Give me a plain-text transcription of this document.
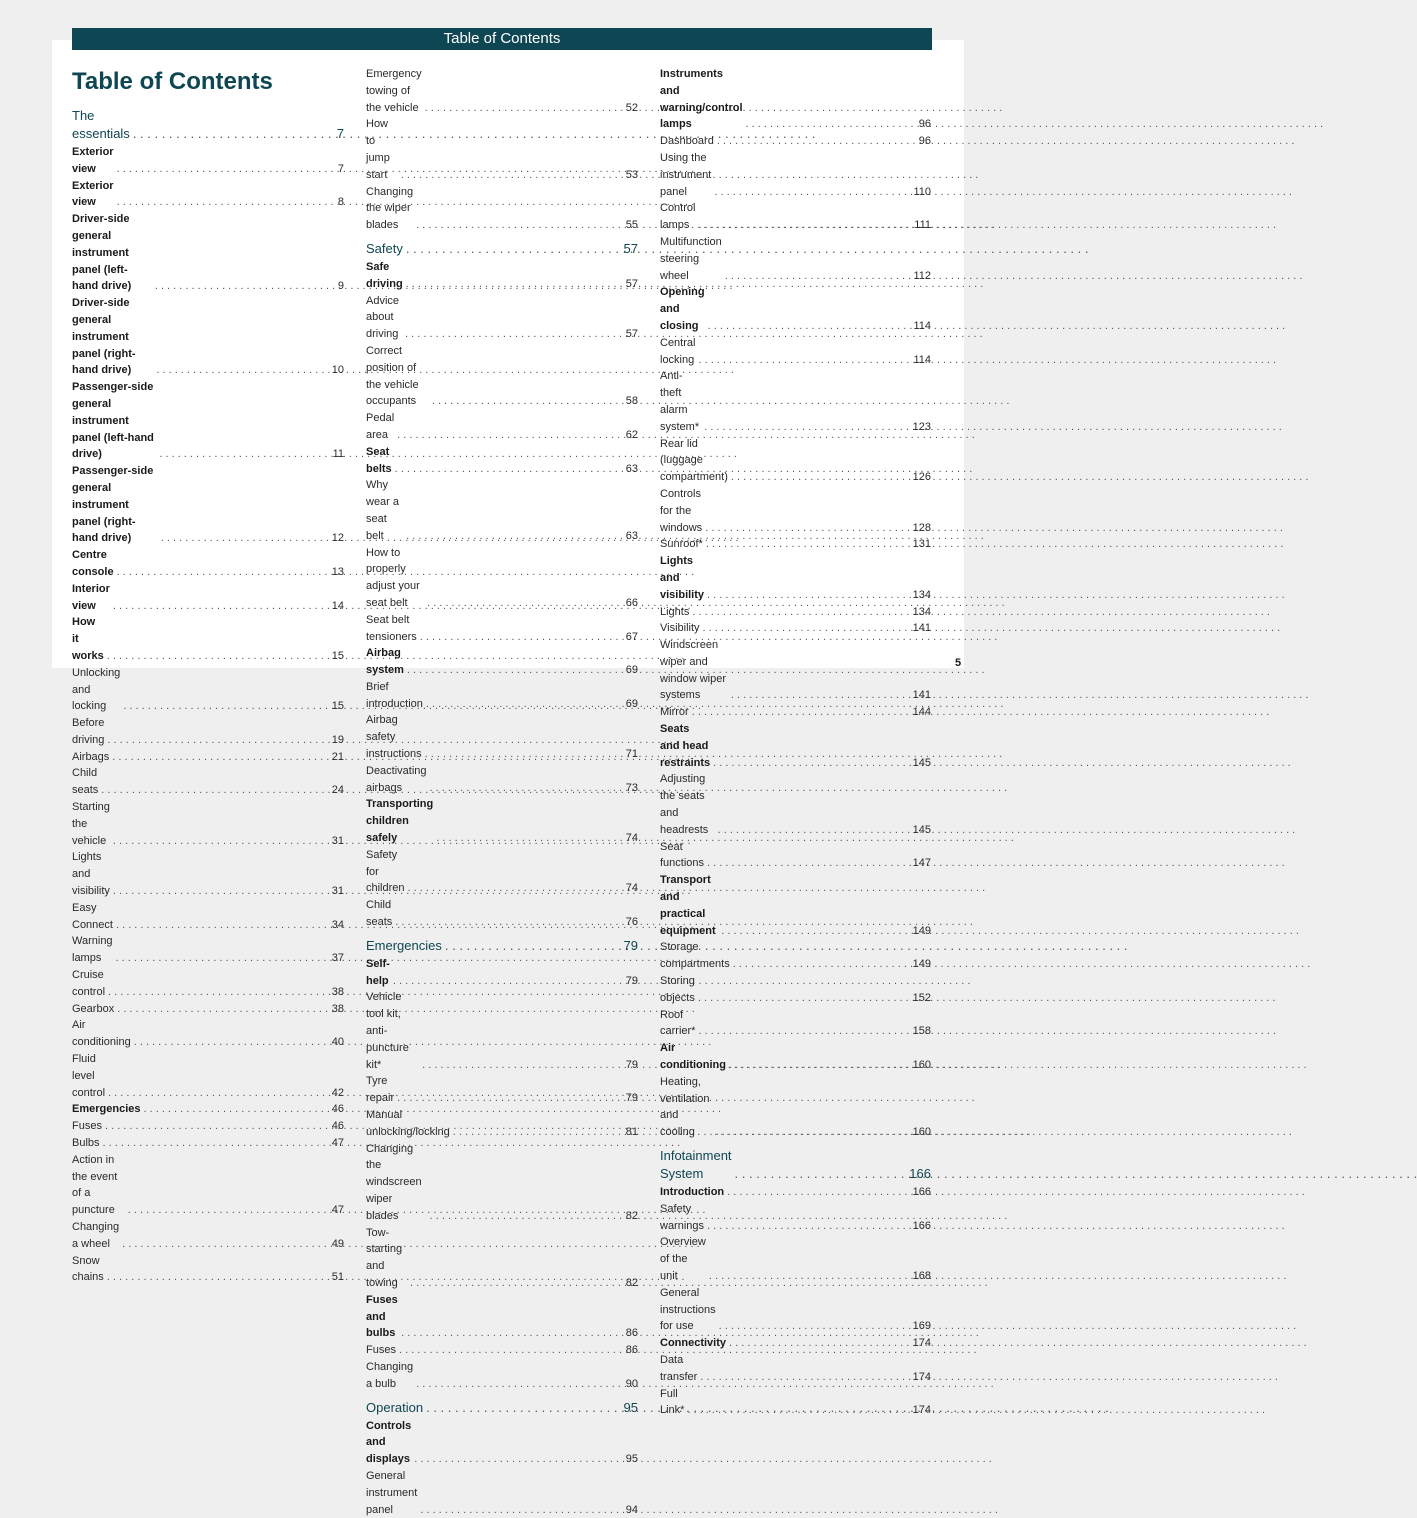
Table of Contents
Table of Contents
The essentials . . .	7
Exterior view . . .	7
Exterior view . . .	8
Driver-side general instrument panel (left-hand drive) . . .	9
Driver-side general instrument panel (right-hand drive) . . .	10
Passenger-side general instrument panel (left-hand drive) . . .	11
Passenger-side general instrument panel (right-hand drive) . . .	12
Centre console . . .	13
Interior view . . .	14
How it works . . .	15
Unlocking and locking . . .	15
Before driving . . .	19
Airbags . . .	21
Child seats . . .	24
Starting the vehicle . . .	31
Lights and visibility . . .	31
Easy Connect . . .	34
Warning lamps . . .	37
Cruise control . . .	38
Gearbox . . .	38
Air conditioning . . .	40
Fluid level control . . .	42
Emergencies . . .	46
Fuses . . .	46
Bulbs . . .	47
Action in the event of a puncture . . .	47
Changing a wheel . . .	49
Snow chains . . .	51
Emergency towing of the vehicle . . .	52
How to jump start . . .	53
Changing the wiper blades . . .	55
Safety . . .	57
Safe driving . . .	57
Advice about driving . . .	57
Correct position of the vehicle occupants . . .	58
Pedal area . . .	62
Seat belts . . .	63
Why wear a seat belt . . .	63
How to properly adjust your seat belt . . .	66
Seat belt tensioners . . .	67
Airbag system . . .	69
Brief introduction . . .	69
Airbag safety instructions . . .	71
Deactivating airbags . . .	73
Transporting children safely . . .	74
Safety for children . . .	74
Child seats . . .	76
Emergencies . . .	79
Self-help . . .	79
Vehicle tool kit, anti-puncture kit* . . .	79
Tyre repair . . .	79
Manual unlocking/locking . . .	81
Changing the windscreen wiper blades . . .	82
Tow-starting and towing . . .	82
Fuses and bulbs . . .	86
Fuses . . .	86
Changing a bulb . . .	90
Operation . . .	95
Controls and displays . . .	95
General instrument panel . . .	94
Instruments and warning/control lamps . . .	96
Dashboard . . .	96
Using the instrument panel . . .	110
Control lamps . . .	111
Multifunction steering wheel . . .	112
Opening and closing . . .	114
Central locking . . .	114
Anti-theft alarm system* . . .	123
Rear lid (luggage compartment) . . .	126
Controls for the windows . . .	128
Sunroof* . . .	131
Lights and visibility . . .	134
Lights . . .	134
Visibility . . .	141
Windscreen wiper and window wiper systems . . .	141
Mirror . . .	144
Seats and head restraints . . .	145
Adjusting the seats and headrests . . .	145
Seat functions . . .	147
Transport and practical equipment . . .	149
Storage compartments . . .	149
Storing objects . . .	152
Roof carrier* . . .	158
Air conditioning . . .	160
Heating, ventilation and cooling . . .	160
Infotainment System . . .	166
Introduction . . .	166
Safety warnings . . .	166
Overview of the unit . . .	168
General instructions for use . . .	169
Connectivity . . .	174
Data transfer . . .	174
Full Link* . . .	174
5
